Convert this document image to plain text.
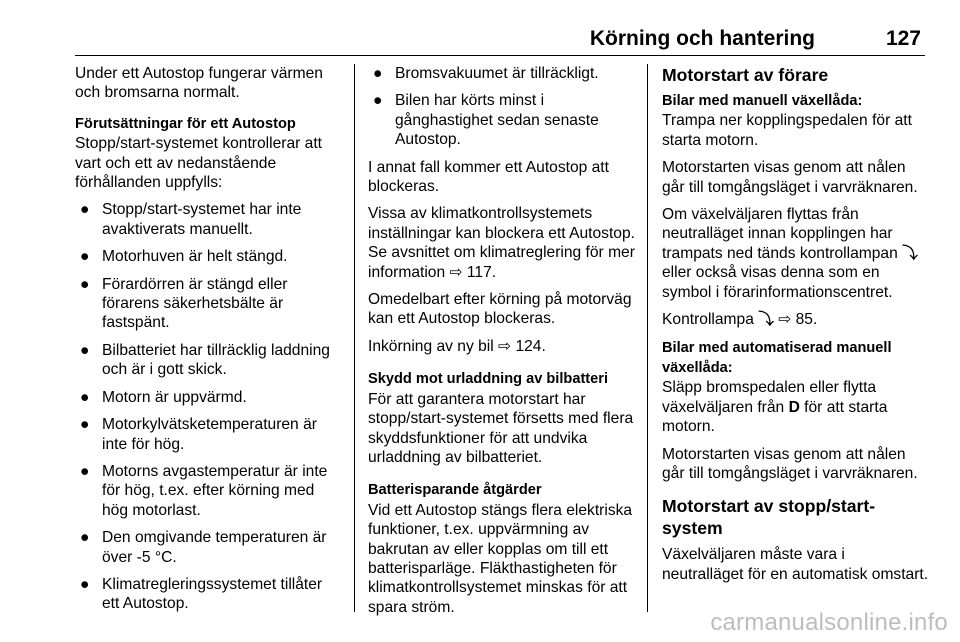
Körning och hantering	127

Under ett Autostop fungerar värmen och bromsarna normalt.

Förutsättningar för ett Autostop

Stopp/start-systemet kontrollerar att vart och ett av nedanstående förhållanden uppfylls:

● Stopp/start-systemet har inte avaktiverats manuellt.
● Motorhuven är helt stängd.
● Förardörren är stängd eller förarens säkerhetsbälte är fastspänt.
● Bilbatteriet har tillräcklig laddning och är i gott skick.
● Motorn är uppvärmd.
● Motorkylvätsketemperaturen är inte för hög.
● Motorns avgastemperatur är inte för hög, t.ex. efter körning med hög motorlast.
● Den omgivande temperaturen är över -5 °C.
● Klimatregleringssystemet tillåter ett Autostop.
● Bromsvakuumet är tillräckligt.
● Bilen har körts minst i gånghastighet sedan senaste Autostop.

I annat fall kommer ett Autostop att blockeras.

Vissa av klimatkontrollsystemets inställningar kan blockera ett Autostop. Se avsnittet om klimatreglering för mer information ⇨ 117.

Omedelbart efter körning på motorväg kan ett Autostop blockeras.

Inkörning av ny bil ⇨ 124.

Skydd mot urladdning av bilbatteri

För att garantera motorstart har stopp/start-systemet försetts med flera skyddsfunktioner för att undvika urladdning av bilbatteriet.

Batterisparande åtgärder

Vid ett Autostop stängs flera elektriska funktioner, t.ex. uppvärmning av bakrutan av eller kopplas om till ett batterisparläge. Fläkthastigheten för klimatkontrollsystemet minskas för att spara ström.

Motorstart av förare
Bilar med manuell växellåda:

Trampa ner kopplingspedalen för att starta motorn.

Motorstarten visas genom att nålen går till tomgångsläget i varvräknaren.

Om växelväljaren flyttas från neutralläget innan kopplingen har trampats ned tänds kontrollampan ⤵ eller också visas denna som en symbol i förarinformationscentret.

Kontrollampa ⤵ ⇨ 85.

Bilar med automatiserad manuell växellåda:

Släpp bromspedalen eller flytta växelväljaren från D för att starta motorn.

Motorstarten visas genom att nålen går till tomgångsläget i varvräknaren.

Motorstart av stopp/start-system

Växelväljaren måste vara i neutralläget för en automatisk omstart.

carmanualsonline.info
